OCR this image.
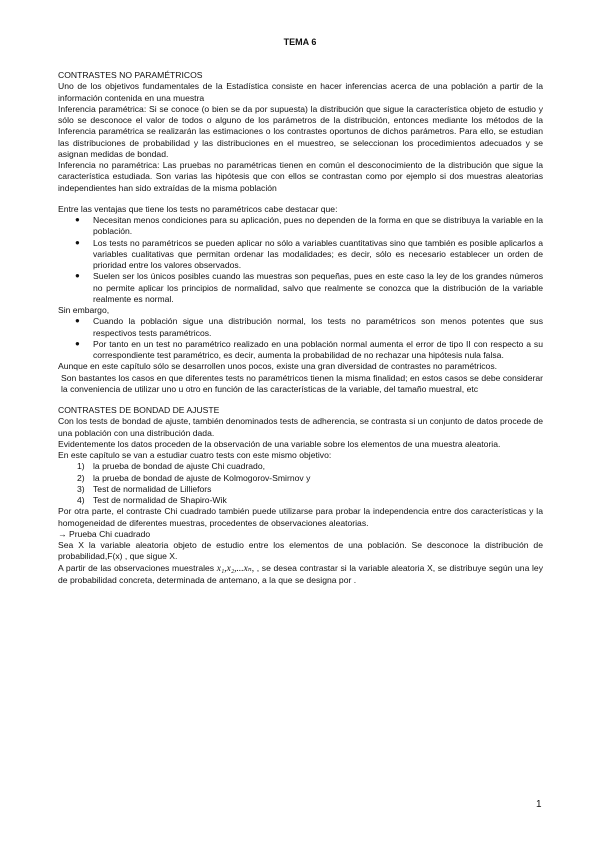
TEMA 6

CONTRASTES NO PARAMÉTRICOS

Uno de los objetivos fundamentales de la Estadística consiste en hacer inferencias acerca de una población a partir de la información contenida en una muestra

Inferencia paramétrica: Si se conoce (o bien se da por supuesta) la distribución que sigue la característica objeto de estudio y sólo se desconoce el valor de todos o alguno de los parámetros de la distribución, entonces mediante los métodos de la Inferencia paramétrica se realizarán las estimaciones o los contrastes oportunos de dichos parámetros. Para ello, se estudian las distribuciones de probabilidad y las distribuciones en el muestreo, se seleccionan los procedimientos adecuados y se asignan medidas de bondad.

Inferencia no paramétrica: Las pruebas no paramétricas tienen en común el desconocimiento de la distribución que sigue la característica estudiada. Son varias las hipótesis que con ellos se contrastan como por ejemplo si dos muestras aleatorias independientes han sido extraídas de la misma población

Entre las ventajas que tiene los tests no paramétricos cabe destacar que:

● Necesitan menos condiciones para su aplicación, pues no dependen de la forma en que se distribuya la variable en la población.
● Los tests no paramétricos se pueden aplicar no sólo a variables cuantitativas sino que también es posible aplicarlos a variables cualitativas que permitan ordenar las modalidades; es decir, sólo es necesario establecer un orden de prioridad entre los valores observados.
● Suelen ser los únicos posibles cuando las muestras son pequeñas, pues en este caso la ley de los grandes números no permite aplicar los principios de normalidad, salvo que realmente se conozca que la distribución de la variable realmente es normal.

Sin embargo,

● Cuando la población sigue una distribución normal, los tests no paramétricos son menos potentes que sus respectivos tests paramétricos.
● Por tanto en un test no paramétrico realizado en una población normal aumenta el error de tipo II con respecto a su correspondiente test paramétrico, es decir, aumenta la probabilidad de no rechazar una hipótesis nula falsa.

Aunque en este capítulo sólo se desarrollen unos pocos, existe una gran diversidad de contrastes no paramétricos.

Son bastantes los casos en que diferentes tests no paramétricos tienen la misma finalidad; en estos casos se debe considerar la conveniencia de utilizar uno u otro en función de las características de la variable, del tamaño muestral, etc

CONTRASTES DE BONDAD DE AJUSTE

Con los tests de bondad de ajuste, también denominados tests de adherencia, se contrasta si un conjunto de datos procede de una población con una distribución dada.

Evidentemente los datos proceden de la observación de una variable sobre los elementos de una muestra aleatoria.

En este capítulo se van a estudiar cuatro tests con este mismo objetivo:

1) la prueba de bondad de ajuste Chi cuadrado,
2) la prueba de bondad de ajuste de Kolmogorov-Smirnov y
3) Test de normalidad de Lilliefors
4) Test de normalidad de Shapiro-Wik

Por otra parte, el contraste Chi cuadrado también puede utilizarse para probar la independencia entre dos características y la homogeneidad de diferentes muestras, procedentes de observaciones aleatorias.

→ Prueba Chi cuadrado

Sea X la variable aleatoria objeto de estudio entre los elementos de una población. Se desconoce la distribución de probabilidad,F(x) , que sigue X.

A partir de las observaciones muestrales x₁,x₂,...xₙ, , se desea contrastar si la variable aleatoria X, se distribuye según una ley de probabilidad concreta, determinada de antemano, a la que se designa por .

1
